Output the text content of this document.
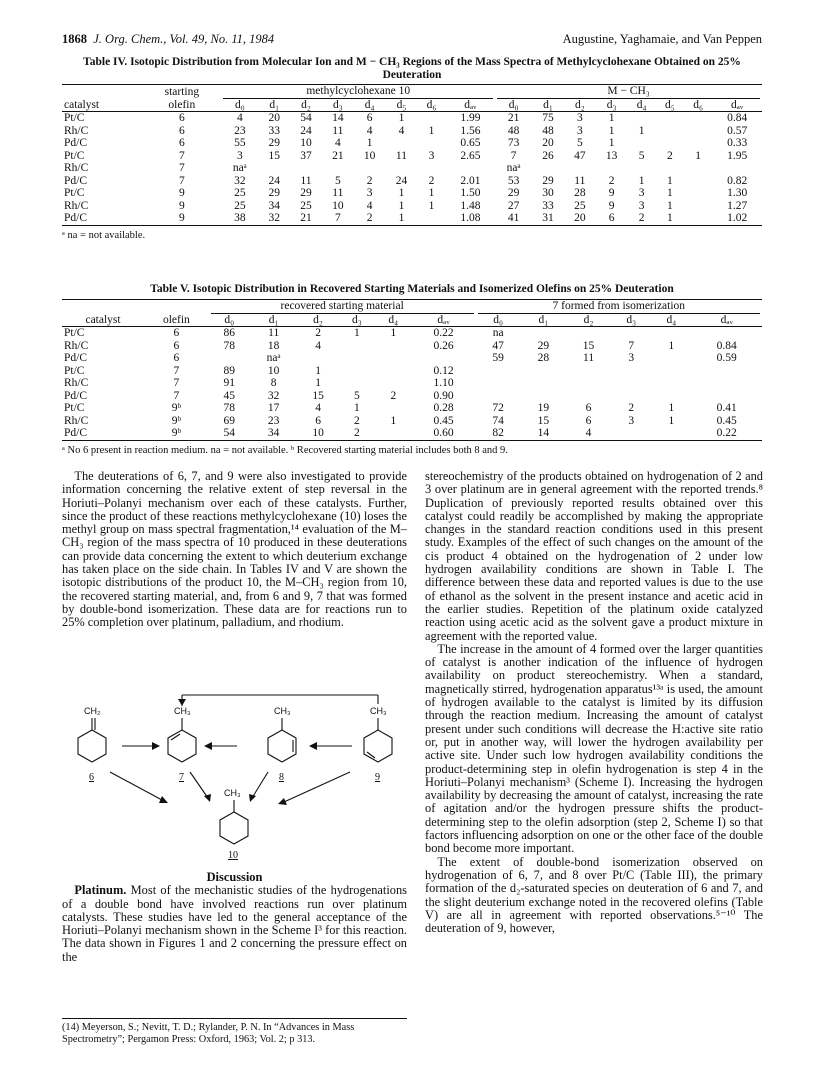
1868 J. Org. Chem., Vol. 49, No. 11, 1984	Augustine, Yaghamaie, and Van Peppen
Table IV. Isotopic Distribution from Molecular Ion and M − CH₃ Regions of the Mass Spectra of Methylcyclohexane Obtained on 25% Deuteration
	starting	methylcyclohexane 10								M − CH₃							

catalyst	olefin	d₀	d₁	d₂	d₃	d₄	d₅	d₆	dₐᵥ	d₀	d₁	d₂	d₃	d₄	d₅	d₆	dₐᵥ
Pt/C	6	4	20	54	14	6	1		1.99	21	75	3	1				0.84
Rh/C	6	23	33	24	11	4	4	1	1.56	48	48	3	1	1			0.57
Pd/C	6	55	29	10	4	1			0.65	73	20	5	1				0.33
Pt/C	7	3	15	37	21	10	11	3	2.65	7	26	47	13	5	2	1	1.95
Rh/C	7	naᵃ								naᵃ							
Pd/C	7	32	24	11	5	2	24	2	2.01	53	29	11	2	1	1		0.82
Pt/C	9	25	29	29	11	3	1	1	1.50	29	30	28	9	3	1		1.30
Rh/C	9	25	34	25	10	4	1	1	1.48	27	33	25	9	3	1		1.27
Pd/C	9	38	32	21	7	2	1		1.08	41	31	20	6	2	1		1.02
ᵃ na = not available.
Table V. Isotopic Distribution in Recovered Starting Materials and Isomerized Olefins on 25% Deuteration

		recovered starting material						7 formed from isomerization					

catalyst	olefin	d₀	d₁	d₂	d₃	d₄	dₐᵥ	d₀	d₁	d₂	d₃	d₄	dₐᵥ
Pt/C	6	86	11	2	1	1	0.22	na					
Rh/C	6	78	18	4			0.26	47	29	15	7	1	0.84
Pd/C	6		naᵃ					59	28	11	3		0.59
Pt/C	7	89	10	1			0.12						
Rh/C	7	91	8	1			1.10						
Pd/C	7	45	32	15	5	2	0.90						
Pt/C	9ᵇ	78	17	4	1		0.28	72	19	6	2	1	0.41
Rh/C	9ᵇ	69	23	6	2	1	0.45	74	15	6	3	1	0.45
Pd/C	9ᵇ	54	34	10	2		0.60	82	14	4			0.22
ᵃ No 6 present in reaction medium. na = not available. ᵇ Recovered starting material includes both 8 and 9.

The deuterations of 6, 7, and 9 were also investigated to provide information concerning the relative extent of step reversal in the Horiuti–Polanyi mechanism over each of these catalysts. Further, since the product of these reactions methylcyclohexane (10) loses the methyl group on mass spectral fragmentation,¹⁴ evaluation of the M–CH₃ region of the mass spectra of 10 produced in these deuterations can provide data concerning the extent to which deuterium exchange has taken place on the side chain. In Tables IV and V are shown the isotopic distributions of the product 10, the M–CH₃ region from 10, the recovered starting material, and, from 6 and 9, 7 that was formed by double-bond isomerization. These data are for reactions run to 25% completion over platinum, palladium, and rhodium.

CH₂	CH₃	CH₃	CH₃
CH₃
6	7	8	9
10

Discussion

Platinum. Most of the mechanistic studies of the hydrogenations of a double bond have involved reactions run over platinum catalysts. These studies have led to the general acceptance of the Horiuti–Polanyi mechanism shown in the Scheme I³ for this reaction. The data shown in Figures 1 and 2 concerning the pressure effect on the

(14) Meyerson, S.; Nevitt, T. D.; Rylander, P. N. In “Advances in Mass Spectrometry”; Pergamon Press: Oxford, 1963; Vol. 2; p 313.

stereochemistry of the products obtained on hydrogenation of 2 and 3 over platinum are in general agreement with the reported trends.⁸ Duplication of previously reported results obtained over this catalyst could readily be accomplished by making the appropriate changes in the standard reaction conditions used in this present study. Examples of the effect of such changes on the amount of the cis product 4 obtained on the hydrogenation of 2 under low hydrogen availability conditions are shown in Table I. The difference between these data and reported values is due to the use of ethanol as the solvent in the present instance and acetic acid in the earlier studies. Repetition of the platinum oxide catalyzed reaction using acetic acid as the solvent gave a product mixture in agreement with the reported value.

The increase in the amount of 4 formed over the larger quantities of catalyst is another indication of the influence of hydrogen availability on product stereochemistry. When a standard, magnetically stirred, hydrogenation apparatus¹³ᵃ is used, the amount of hydrogen available to the catalyst is limited by its diffusion through the reaction medium. Increasing the amount of catalyst present under such conditions will decrease the H:active site ratio or, put in another way, will lower the hydrogen availability per active site. Under such low hydrogen availability conditions the product-determining step in olefin hydrogenation is step 4 in the Horiuti–Polanyi mechanism³ (Scheme I). Increasing the hydrogen availability by decreasing the amount of catalyst, increasing the rate of agitation and/or the hydrogen pressure shifts the product-determining step to the olefin adsorption (step 2, Scheme I) so that factors influencing adsorption on one or the other face of the double bond become more important.

The extent of double-bond isomerization observed on hydrogenation of 6, 7, and 8 over Pt/C (Table III), the primary formation of the d₂-saturated species on deuteration of 6 and 7, and the slight deuterium exchange noted in the recovered olefins (Table V) are all in agreement with reported observations.⁵⁻¹⁰ The deuteration of 9, however,
